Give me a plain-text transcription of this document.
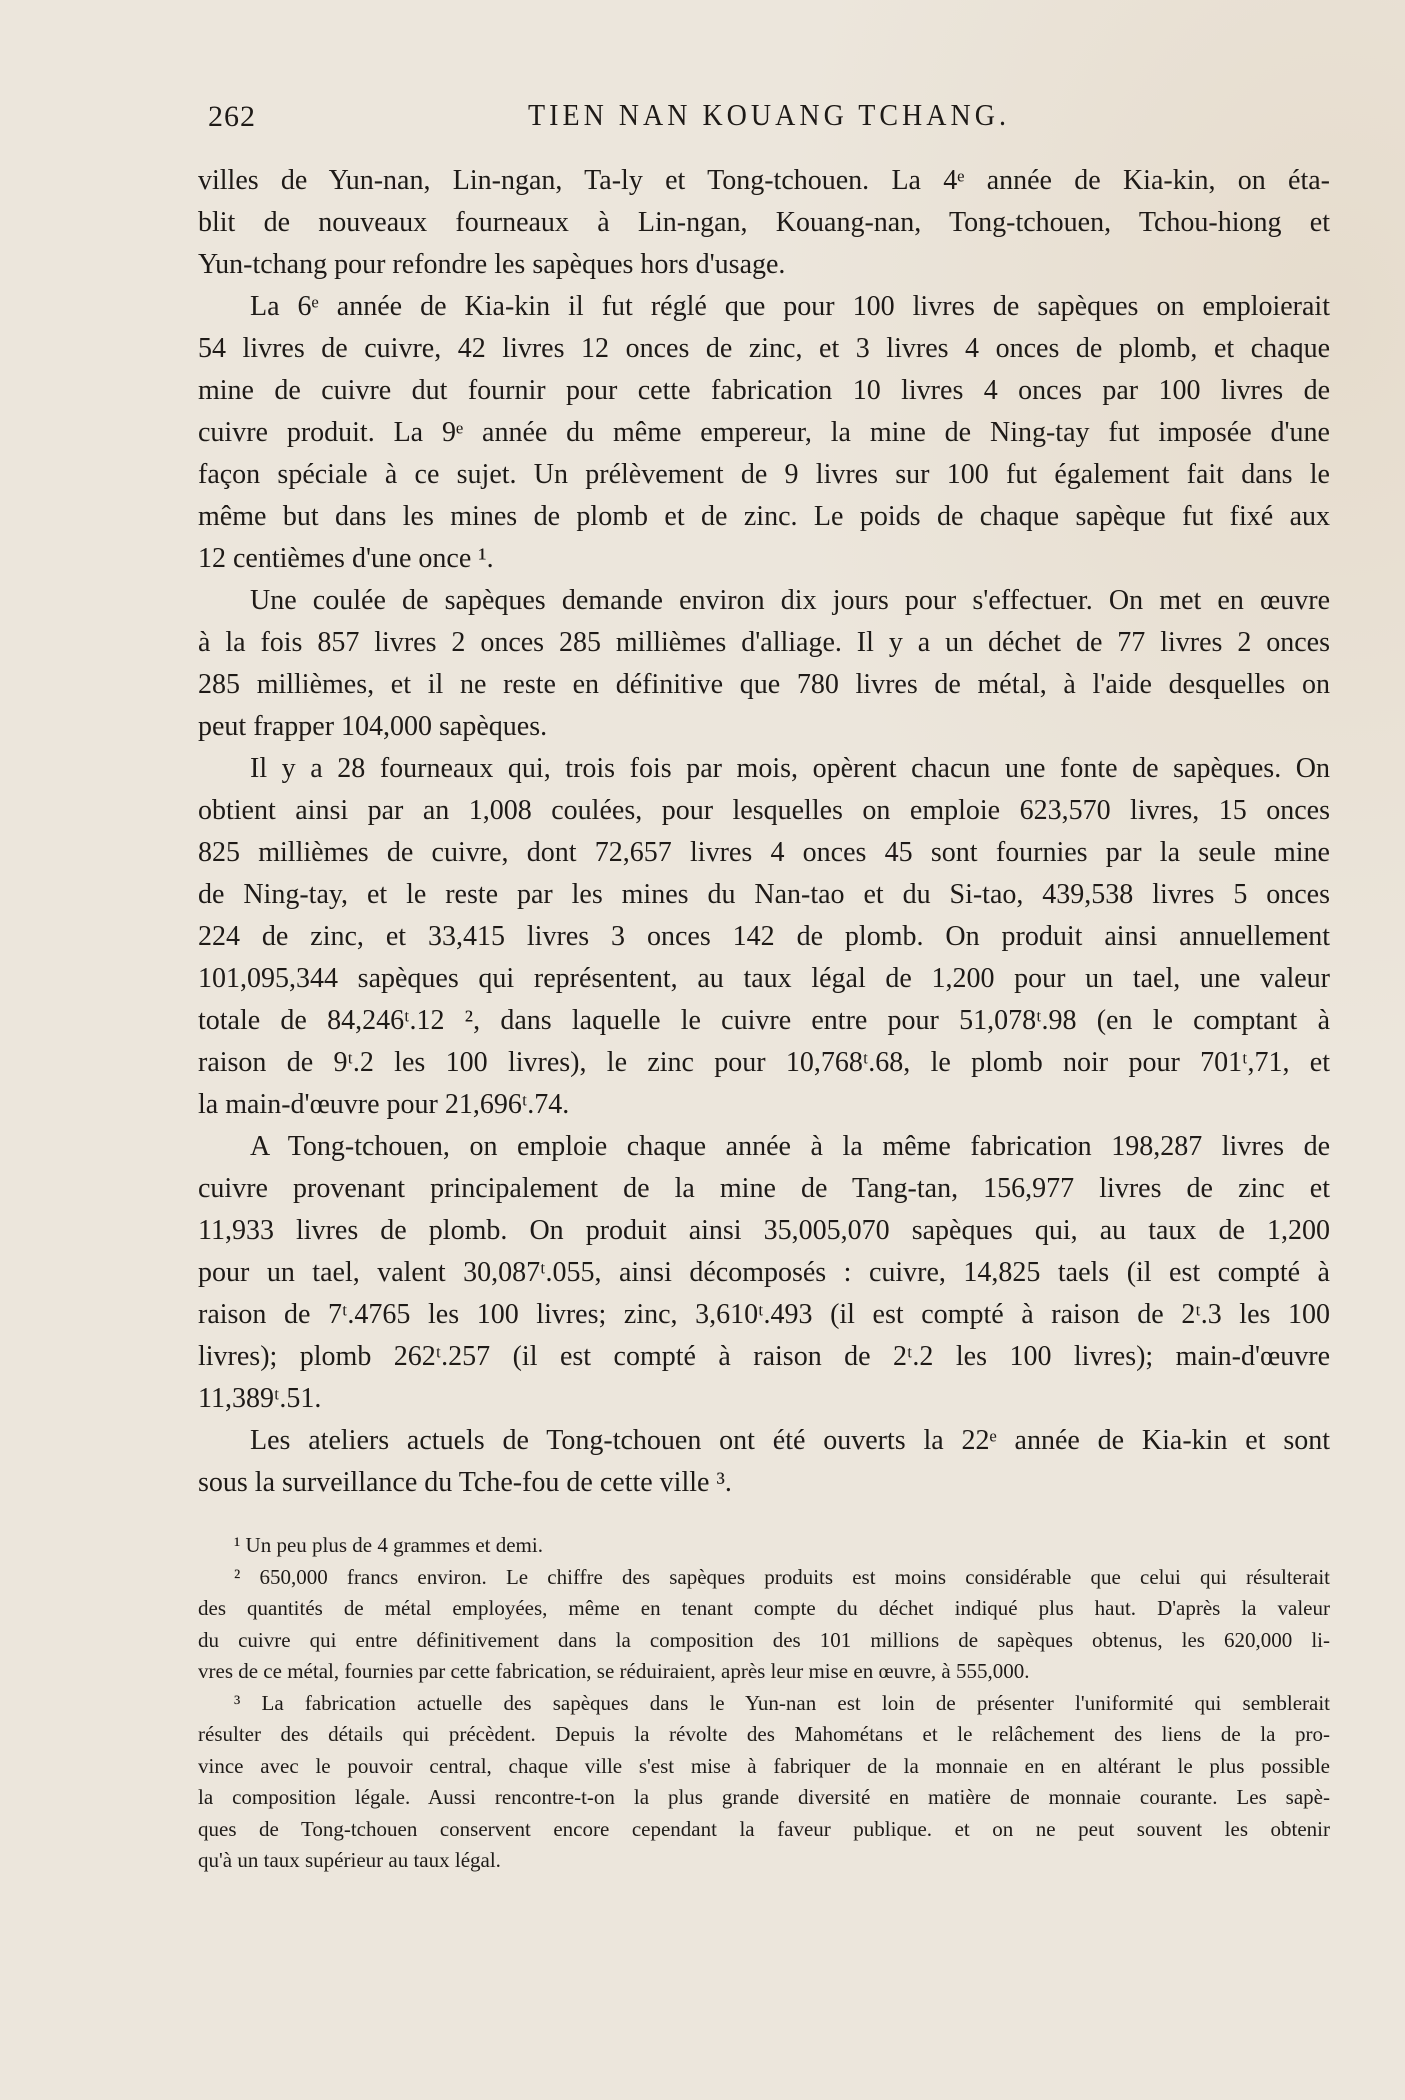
262	TIEN NAN KOUANG TCHANG.
villes de Yun-nan, Lin-ngan, Ta-ly et Tong-tchouen. La 4ᵉ année de Kia-kin, on éta-
blit de nouveaux fourneaux à Lin-ngan, Kouang-nan, Tong-tchouen, Tchou-hiong et
Yun-tchang pour refondre les sapèques hors d'usage.
La 6ᵉ année de Kia-kin il fut réglé que pour 100 livres de sapèques on emploierait
54 livres de cuivre, 42 livres 12 onces de zinc, et 3 livres 4 onces de plomb, et chaque
mine de cuivre dut fournir pour cette fabrication 10 livres 4 onces par 100 livres de
cuivre produit. La 9ᵉ année du même empereur, la mine de Ning-tay fut imposée d'une
façon spéciale à ce sujet. Un prélèvement de 9 livres sur 100 fut également fait dans le
même but dans les mines de plomb et de zinc. Le poids de chaque sapèque fut fixé aux
12 centièmes d'une once ¹.
Une coulée de sapèques demande environ dix jours pour s'effectuer. On met en œuvre
à la fois 857 livres 2 onces 285 millièmes d'alliage. Il y a un déchet de 77 livres 2 onces
285 millièmes, et il ne reste en définitive que 780 livres de métal, à l'aide desquelles on
peut frapper 104,000 sapèques.
Il y a 28 fourneaux qui, trois fois par mois, opèrent chacun une fonte de sapèques. On
obtient ainsi par an 1,008 coulées, pour lesquelles on emploie 623,570 livres, 15 onces
825 millièmes de cuivre, dont 72,657 livres 4 onces 45 sont fournies par la seule mine
de Ning-tay, et le reste par les mines du Nan-tao et du Si-tao, 439,538 livres 5 onces
224 de zinc, et 33,415 livres 3 onces 142 de plomb. On produit ainsi annuellement
101,095,344 sapèques qui représentent, au taux légal de 1,200 pour un tael, une valeur
totale de 84,246ᵗ.12 ², dans laquelle le cuivre entre pour 51,078ᵗ.98 (en le comptant à
raison de 9ᵗ.2 les 100 livres), le zinc pour 10,768ᵗ.68, le plomb noir pour 701ᵗ,71, et
la main-d'œuvre pour 21,696ᵗ.74.
A Tong-tchouen, on emploie chaque année à la même fabrication 198,287 livres de
cuivre provenant principalement de la mine de Tang-tan, 156,977 livres de zinc et
11,933 livres de plomb. On produit ainsi 35,005,070 sapèques qui, au taux de 1,200
pour un tael, valent 30,087ᵗ.055, ainsi décomposés : cuivre, 14,825 taels (il est compté à
raison de 7ᵗ.4765 les 100 livres; zinc, 3,610ᵗ.493 (il est compté à raison de 2ᵗ.3 les 100
livres); plomb 262ᵗ.257 (il est compté à raison de 2ᵗ.2 les 100 livres); main-d'œuvre
11,389ᵗ.51.
Les ateliers actuels de Tong-tchouen ont été ouverts la 22ᵉ année de Kia-kin et sont
sous la surveillance du Tche-fou de cette ville ³.
¹ Un peu plus de 4 grammes et demi.
² 650,000 francs environ. Le chiffre des sapèques produits est moins considérable que celui qui résulterait
des quantités de métal employées, même en tenant compte du déchet indiqué plus haut. D'après la valeur
du cuivre qui entre définitivement dans la composition des 101 millions de sapèques obtenus, les 620,000 li-
vres de ce métal, fournies par cette fabrication, se réduiraient, après leur mise en œuvre, à 555,000.
³ La fabrication actuelle des sapèques dans le Yun-nan est loin de présenter l'uniformité qui semblerait
résulter des détails qui précèdent. Depuis la révolte des Mahométans et le relâchement des liens de la pro-
vince avec le pouvoir central, chaque ville s'est mise à fabriquer de la monnaie en en altérant le plus possible
la composition légale. Aussi rencontre-t-on la plus grande diversité en matière de monnaie courante. Les sapè-
ques de Tong-tchouen conservent encore cependant la faveur publique. et on ne peut souvent les obtenir
qu'à un taux supérieur au taux légal.
